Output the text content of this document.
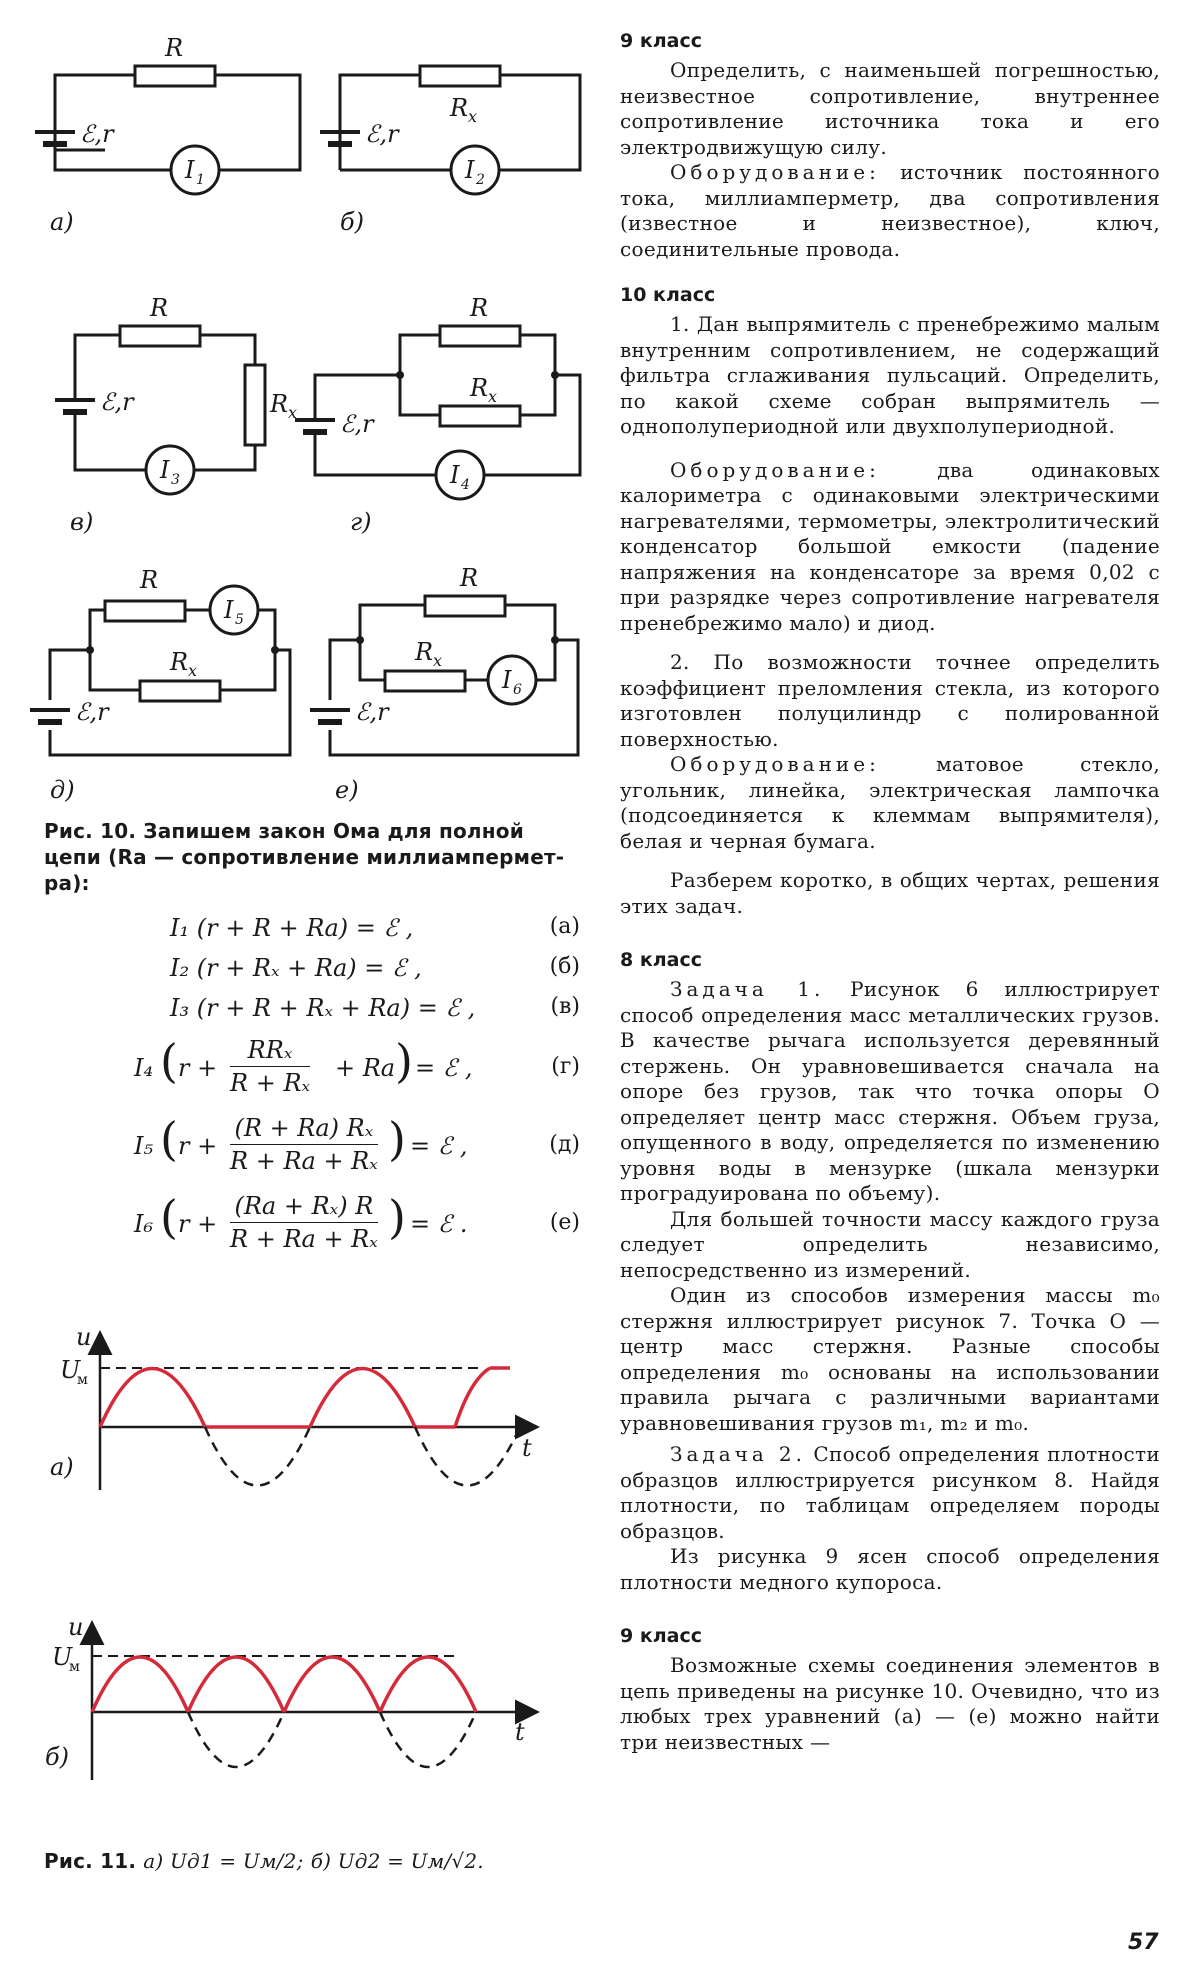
R
ℰ,r
I 1
а)
R x
ℰ,r
I 2
б)
R
R x
ℰ,r
I 3
в)
R
R x
ℰ,r
I 4
г)
R
R x
ℰ,r
I 5
д)
R
R x
ℰ,r
I 6
е)
Рис. 10. Запишем закон Ома для полной цепи (Rа — сопротивление миллиампермет-ра):
I₁ (r + R + Rа) = ℰ ,	(а)
I₂ (r + Rₓ + Rа) = ℰ ,	(б)
I₃ (r + R + Rₓ + Rа) = ℰ ,	(в)
I₄ ( r +
RRₓ
R + Rₓ
+ Rа ) = ℰ ,	(г)
I₅ ( r +
(R + Rа) Rₓ
R + Rа + Rₓ ) = ℰ ,	(д)
I₆ ( r +
(Rа + Rₓ) R
R + Rа + Rₓ ) = ℰ .	(е)
u
U
м
t
а)
u
U
м
t
б)
Рис. 11. а) Uд1 = Uм/2; б) Uд2 = Uм/√2.
9 класс

Определить, с наименьшей погрешностью, неизвестное сопротивление, внутреннее сопротивление источника тока и его электродвижущую силу.

Оборудование: источник постоянного тока, миллиамперметр, два сопротивления (известное и неизвестное), ключ, соединительные провода.

10 класс

1. Дан выпрямитель с пренебрежимо малым внутренним сопротивлением, не содержащий фильтра сглаживания пульсаций. Определить, по какой схеме собран выпрямитель — однополупериодной или двухполупериодной.

Оборудование:	два одинаковых калориметра с одинаковыми электрическими нагревателями, термометры, электролитический конденсатор большой емкости (падение напряжения на конденсаторе за время 0,02 с при разрядке через сопротивление нагревателя пренебрежимо мало) и диод.

2. По возможности точнее определить коэффициент преломления стекла, из которого изготовлен полуцилиндр с полированной поверхностью.

Оборудование:	матовое стекло, угольник, линейка, электрическая лампочка (подсоединяется к клеммам выпрямителя), белая и черная бумага.

Разберем коротко, в общих чертах, решения этих задач.

8 класс

Задача 1. Рисунок 6 иллюстрирует способ определения масс металлических грузов. В качестве рычага используется деревянный стержень. Он уравновешивается сначала на опоре без грузов, так что точка опоры O определяет центр масс стержня. Объем груза, опущенного в воду, определяется по изменению уровня воды в мензурке (шкала мензурки проградуирована по объему).

Для большей точности массу каждого груза следует определить независимо, непосредственно из измерений.

Один из способов измерения массы m₀ стержня иллюстрирует рисунок 7. Точка O — центр масс стержня. Разные способы определения m₀ основаны на использовании правила рычага с различными вариантами уравновешивания грузов m₁, m₂ и m₀.

Задача 2. Способ определения плотности образцов иллюстрируется рисунком 8. Найдя плотности, по таблицам определяем породы образцов.

Из рисунка 9 ясен способ определения плотности медного купороса.

9 класс

Возможные схемы соединения элементов в цепь приведены на рисунке 10. Очевидно, что из любых трех уравнений (а) — (е) можно найти три неизвестных —

57
